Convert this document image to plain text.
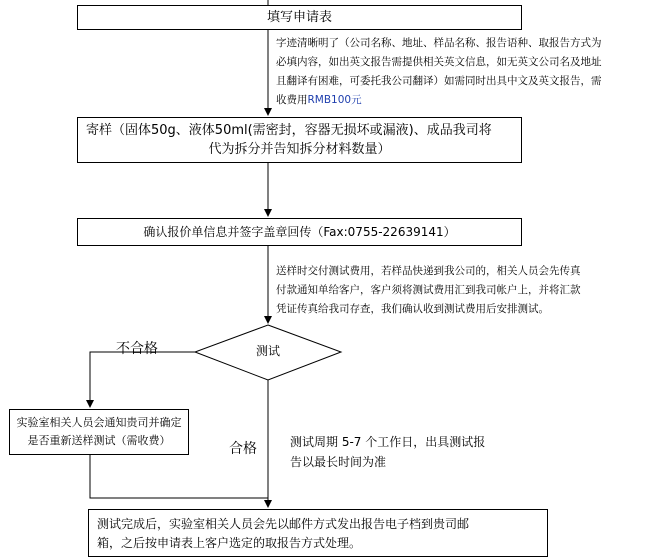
填写申请表
字迹清晰明了（公司名称、地址、样品名称、报告语种、取报告方式为
必填内容，如出英文报告需提供相关英文信息，如无英文公司名及地址
且翻译有困难，可委托我公司翻译）如需同时出具中文及英文报告，需
收费用RMB100元
寄样（固体50g、液体50ml(需密封，容器无损坏或漏液)、成品我司将
代为拆分并告知拆分材料数量）
确认报价单信息并签字盖章回传（Fax:0755-22639141）
送样时交付测试费用，若样品快递到我公司的，相关人员会先传真
付款通知单给客户，客户须将测试费用汇到我司帐户上，并将汇款
凭证传真给我司存查，我们确认收到测试费用后安排测试。
测试
不合格
实验室相关人员会通知贵司并确定
是否重新送样测试（需收费）
合格	测试周期 5-7 个工作日，出具测试报
告以最长时间为准
测试完成后，实验室相关人员会先以邮件方式发出报告电子档到贵司邮
箱，之后按申请表上客户选定的取报告方式处理。
